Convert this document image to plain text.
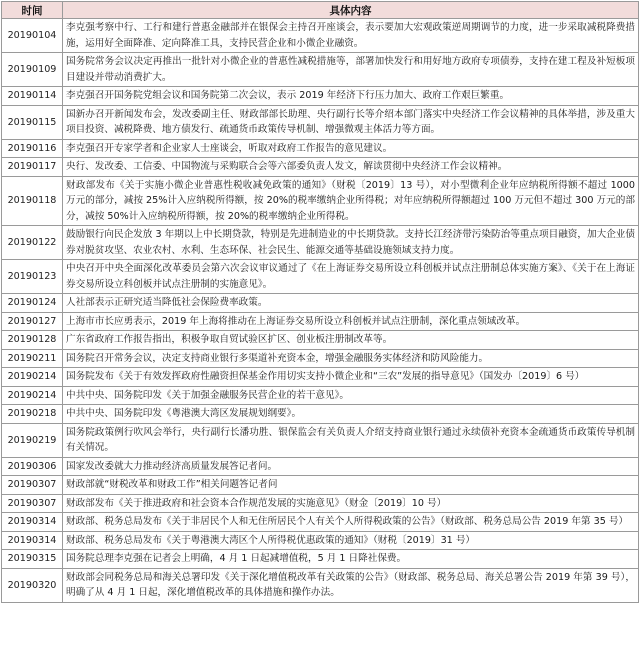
时间	具体内容
20190104	李克强考察中行、工行和建行普惠金融部并在银保会主持召开座谈会，表示要加大宏观政策逆周期调节的力度，进一步采取减税降费措施，运用好全面降准、定向降准工具，支持民营企业和小微企业融资。
20190109	国务院常务会议决定再推出一批针对小微企业的普惠性减税措施等，部署加快发行和用好地方政府专项债券，支持在建工程及补短板项目建设并带动消费扩大。
20190114	李克强召开国务院党组会议和国务院第二次会议，表示 2019 年经济下行压力加大、政府工作艰巨繁重。
20190115	国新办召开新闻发布会，发改委副主任、财政部部长助理、央行副行长等介绍本部门落实中央经济工作会议精神的具体举措，涉及重大项目投资、减税降费、地方债发行、疏通货币政策传导机制、增强微观主体活力等方面。
20190116	李克强召开专家学者和企业家人士座谈会，听取对政府工作报告的意见建议。
20190117	央行、发改委、工信委、中国物流与采购联合会等六部委负责人发文，解读贯彻中央经济工作会议精神。
20190118	财政部发布《关于实施小微企业普惠性税收减免政策的通知》（财税〔2019〕13 号），对小型微利企业年应纳税所得额不超过 1000 万元的部分，减按 25%计入应纳税所得额，按 20%的税率缴纳企业所得税；对年应纳税所得额超过 100 万元但不超过 300 万元的部分，减按 50%计入应纳税所得额，按 20%的税率缴纳企业所得税。
20190122	鼓励银行向民企发放 3 年期以上中长期贷款，特别是先进制造业的中长期贷款。支持长江经济带污染防治等重点项目融资，加大企业债券对脱贫攻坚、农业农村、水利、生态环保、社会民生、能源交通等基础设施领域支持力度。
20190123	中央召开中央全面深化改革委员会第六次会议审议通过了《在上海证券交易所设立科创板并试点注册制总体实施方案》、《关于在上海证券交易所设立科创板并试点注册制的实施意见》。
20190124	人社部表示正研究适当降低社会保险费率政策。
20190127	上海市市长应勇表示，2019 年上海将推动在上海证券交易所设立科创板并试点注册制，深化重点领域改革。
20190128	广东省政府工作报告指出，积极争取自贸试验区扩区、创业板注册制改革等。
20190211	国务院召开常务会议，决定支持商业银行多渠道补充资本金，增强金融服务实体经济和防风险能力。
20190214	国务院发布《关于有效发挥政府性融资担保基金作用切实支持小微企业和“三农”发展的指导意见》（国发办〔2019〕6 号）
20190214	中共中央、国务院印发《关于加强金融服务民营企业的若干意见》。
20190218	中共中央、国务院印发《粤港澳大湾区发展规划纲要》。
20190219	国务院政策例行吹风会举行，央行副行长潘功胜、银保监会有关负责人介绍支持商业银行通过永续债补充资本金疏通货币政策传导机制有关情况。
20190306	国家发改委就大力推动经济高质量发展答记者问。
20190307	财政部就“财税改革和财政工作”相关问题答记者问
20190307	财政部发布《关于推进政府和社会资本合作规范发展的实施意见》（财金〔2019〕10 号）
20190314	财政部、税务总局发布《关于非居民个人和无住所居民个人有关个人所得税政策的公告》（财政部、税务总局公告 2019 年第 35 号）
20190314	财政部、税务总局发布《关于粤港澳大湾区个人所得税优惠政策的通知》（财税〔2019〕31 号）
20190315	国务院总理李克强在记者会上明确，4 月 1 日起减增值税，5 月 1 日降社保费。
20190320	财政部会同税务总局和海关总署印发《关于深化增值税改革有关政策的公告》（财政部、税务总局、海关总署公告 2019 年第 39 号），明确了从 4 月 1 日起，深化增值税改革的具体措施和操作办法。
